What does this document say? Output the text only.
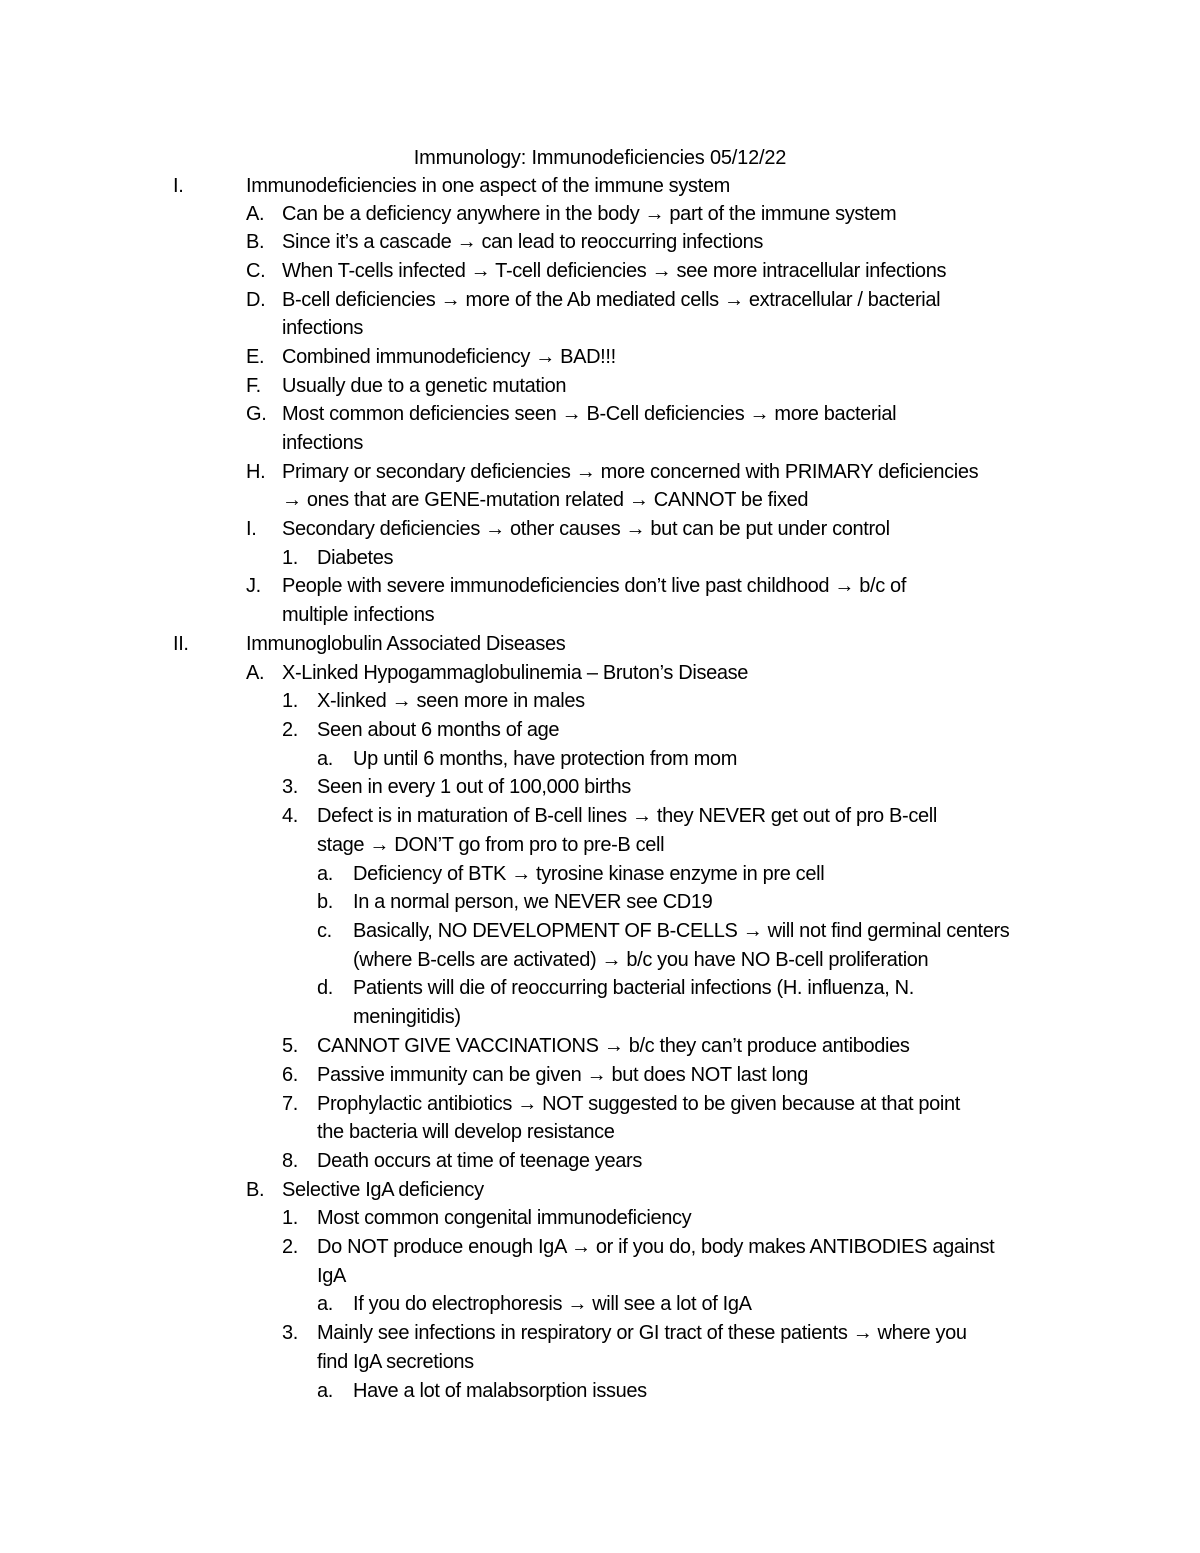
Immunology: Immunodeficiencies 05/12/22
I.	Immunodeficiencies in one aspect of the immune system
A. Can be a deficiency anywhere in the body → part of the immune system
B. Since it’s a cascade → can lead to reoccurring infections
C. When T-cells infected → T-cell deficiencies → see more intracellular infections
D. B-cell deficiencies → more of the Ab mediated cells → extracellular / bacterial
infections
E. Combined immunodeficiency → BAD!!!
F. Usually due to a genetic mutation
G. Most common deficiencies seen → B-Cell deficiencies → more bacterial
infections
H. Primary or secondary deficiencies → more concerned with PRIMARY deficiencies
→ ones that are GENE-mutation related → CANNOT be fixed
I. Secondary deficiencies → other causes → but can be put under control
1. Diabetes
J. People with severe immunodeficiencies don’t live past childhood → b/c of
multiple infections
II.	Immunoglobulin Associated Diseases
A. X-Linked Hypogammaglobulinemia – Bruton’s Disease
1. X-linked → seen more in males
2. Seen about 6 months of age
a. Up until 6 months, have protection from mom
3. Seen in every 1 out of 100,000 births
4. Defect is in maturation of B-cell lines → they NEVER get out of pro B-cell
stage → DON’T go from pro to pre-B cell
a. Deficiency of BTK → tyrosine kinase enzyme in pre cell
b. In a normal person, we NEVER see CD19
c. Basically, NO DEVELOPMENT OF B-CELLS → will not find germinal centers
(where B-cells are activated) → b/c you have NO B-cell proliferation
d. Patients will die of reoccurring bacterial infections (H. influenza, N.
meningitidis)
5. CANNOT GIVE VACCINATIONS → b/c they can’t produce antibodies
6. Passive immunity can be given → but does NOT last long
7. Prophylactic antibiotics → NOT suggested to be given because at that point
the bacteria will develop resistance
8. Death occurs at time of teenage years
B. Selective IgA deficiency
1. Most common congenital immunodeficiency
2. Do NOT produce enough IgA → or if you do, body makes ANTIBODIES against
IgA
a. If you do electrophoresis → will see a lot of IgA
3. Mainly see infections in respiratory or GI tract of these patients → where you
find IgA secretions
a. Have a lot of malabsorption issues
